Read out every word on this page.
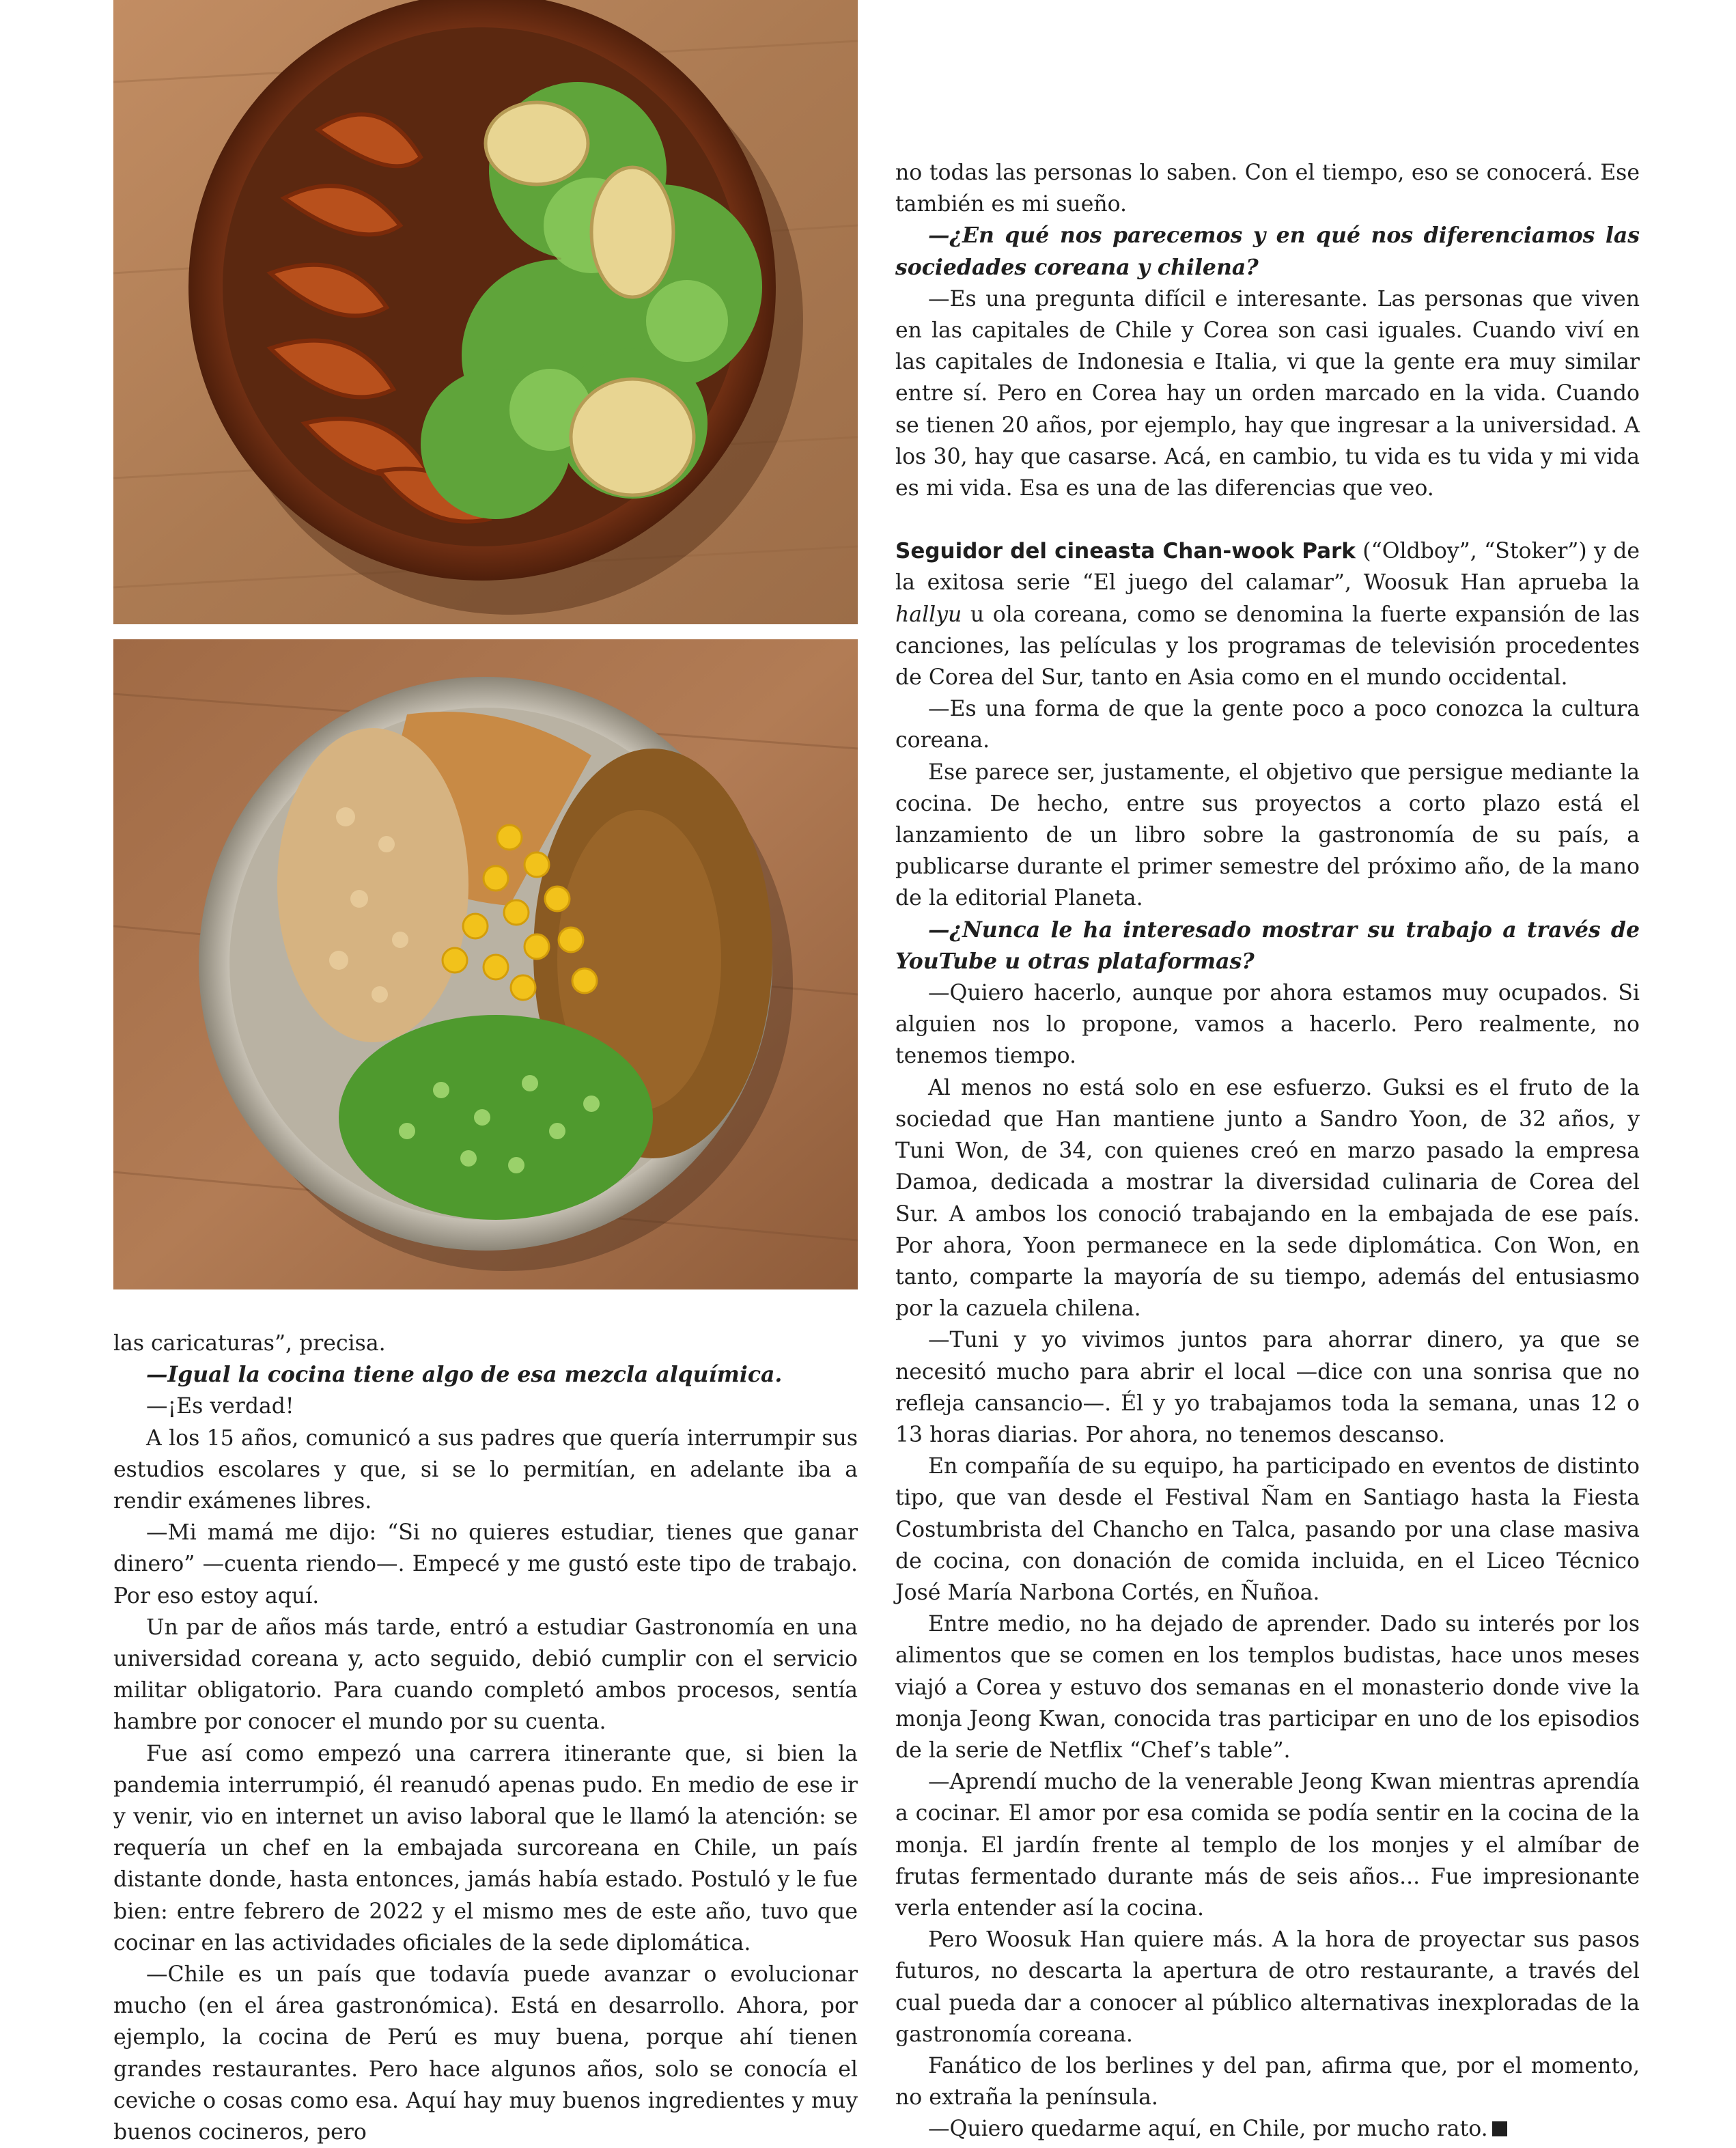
las caricaturas”, precisa.

—Igual la cocina tiene algo de esa mezcla alquímica.

—¡Es verdad!

A los 15 años, comunicó a sus padres que quería interrumpir sus estudios escolares y que, si se lo permitían, en adelante iba a rendir exámenes libres.

—Mi mamá me dijo: “Si no quieres estudiar, tienes que ganar dinero” —cuenta riendo—. Empecé y me gustó este tipo de trabajo. Por eso estoy aquí.

Un par de años más tarde, entró a estudiar Gastronomía en una universidad coreana y, acto seguido, debió cumplir con el servicio militar obligatorio. Para cuando completó ambos procesos, sentía hambre por conocer el mundo por su cuenta.

Fue así como empezó una carrera itinerante que, si bien la pandemia interrumpió, él reanudó apenas pudo. En medio de ese ir y venir, vio en internet un aviso laboral que le llamó la atención: se requería un chef en la embajada surcoreana en Chile, un país distante donde, hasta entonces, jamás había estado. Postuló y le fue bien: entre febrero de 2022 y el mismo mes de este año, tuvo que cocinar en las actividades oficiales de la sede diplomática.

—Chile es un país que todavía puede avanzar o evolucionar mucho (en el área gastronómica). Está en desarrollo. Ahora, por ejemplo, la cocina de Perú es muy buena, porque ahí tienen grandes restaurantes. Pero hace algunos años, solo se conocía el ceviche o cosas como esa. Aquí hay muy buenos ingredientes y muy buenos cocineros, pero

no todas las personas lo saben. Con el tiempo, eso se conocerá. Ese también es mi sueño.

—¿En qué nos parecemos y en qué nos diferenciamos las sociedades coreana y chilena?

—Es una pregunta difícil e interesante. Las personas que viven en las capitales de Chile y Corea son casi iguales. Cuando viví en las capitales de Indonesia e Italia, vi que la gente era muy similar entre sí. Pero en Corea hay un orden marcado en la vida. Cuando se tienen 20 años, por ejemplo, hay que ingresar a la universidad. A los 30, hay que casarse. Acá, en cambio, tu vida es tu vida y mi vida es mi vida. Esa es una de las diferencias que veo.

Seguidor del cineasta Chan-wook Park (“Oldboy”, “Stoker”) y de la exitosa serie “El juego del calamar”, Woosuk Han aprueba la hallyu u ola coreana, como se denomina la fuerte expansión de las canciones, las películas y los programas de televisión procedentes de Corea del Sur, tanto en Asia como en el mundo occidental.

—Es una forma de que la gente poco a poco conozca la cultura coreana.

Ese parece ser, justamente, el objetivo que persigue mediante la cocina. De hecho, entre sus proyectos a corto plazo está el lanzamiento de un libro sobre la gastronomía de su país, a publicarse durante el primer semestre del próximo año, de la mano de la editorial Planeta.

—¿Nunca le ha interesado mostrar su trabajo a través de YouTube u otras plataformas?

—Quiero hacerlo, aunque por ahora estamos muy ocupados. Si alguien nos lo propone, vamos a hacerlo. Pero realmente, no tenemos tiempo.

Al menos no está solo en ese esfuerzo. Guksi es el fruto de la sociedad que Han mantiene junto a Sandro Yoon, de 32 años, y Tuni Won, de 34, con quienes creó en marzo pasado la empresa Damoa, dedicada a mostrar la diversidad culinaria de Corea del Sur. A ambos los conoció trabajando en la embajada de ese país. Por ahora, Yoon permanece en la sede diplomática. Con Won, en tanto, comparte la mayoría de su tiempo, además del entusiasmo por la cazuela chilena.

—Tuni y yo vivimos juntos para ahorrar dinero, ya que se necesitó mucho para abrir el local —dice con una sonrisa que no refleja cansancio—. Él y yo trabajamos toda la semana, unas 12 o 13 horas diarias. Por ahora, no tenemos descanso.

En compañía de su equipo, ha participado en eventos de distinto tipo, que van desde el Festival Ñam en Santiago hasta la Fiesta Costumbrista del Chancho en Talca, pasando por una clase masiva de cocina, con donación de comida incluida, en el Liceo Técnico José María Narbona Cortés, en Ñuñoa.

Entre medio, no ha dejado de aprender. Dado su interés por los alimentos que se comen en los templos budistas, hace unos meses viajó a Corea y estuvo dos semanas en el monasterio donde vive la monja Jeong Kwan, conocida tras participar en uno de los episodios de la serie de Netflix “Chef’s table”.

—Aprendí mucho de la venerable Jeong Kwan mientras aprendía a cocinar. El amor por esa comida se podía sentir en la cocina de la monja. El jardín frente al templo de los monjes y el almíbar de frutas fermentado durante más de seis años... Fue impresionante verla entender así la cocina.

Pero Woosuk Han quiere más. A la hora de proyectar sus pasos futuros, no descarta la apertura de otro restaurante, a través del cual pueda dar a conocer al público alternativas inexploradas de la gastronomía coreana.

Fanático de los berlines y del pan, afirma que, por el momento, no extraña la península.

—Quiero quedarme aquí, en Chile, por mucho rato.
